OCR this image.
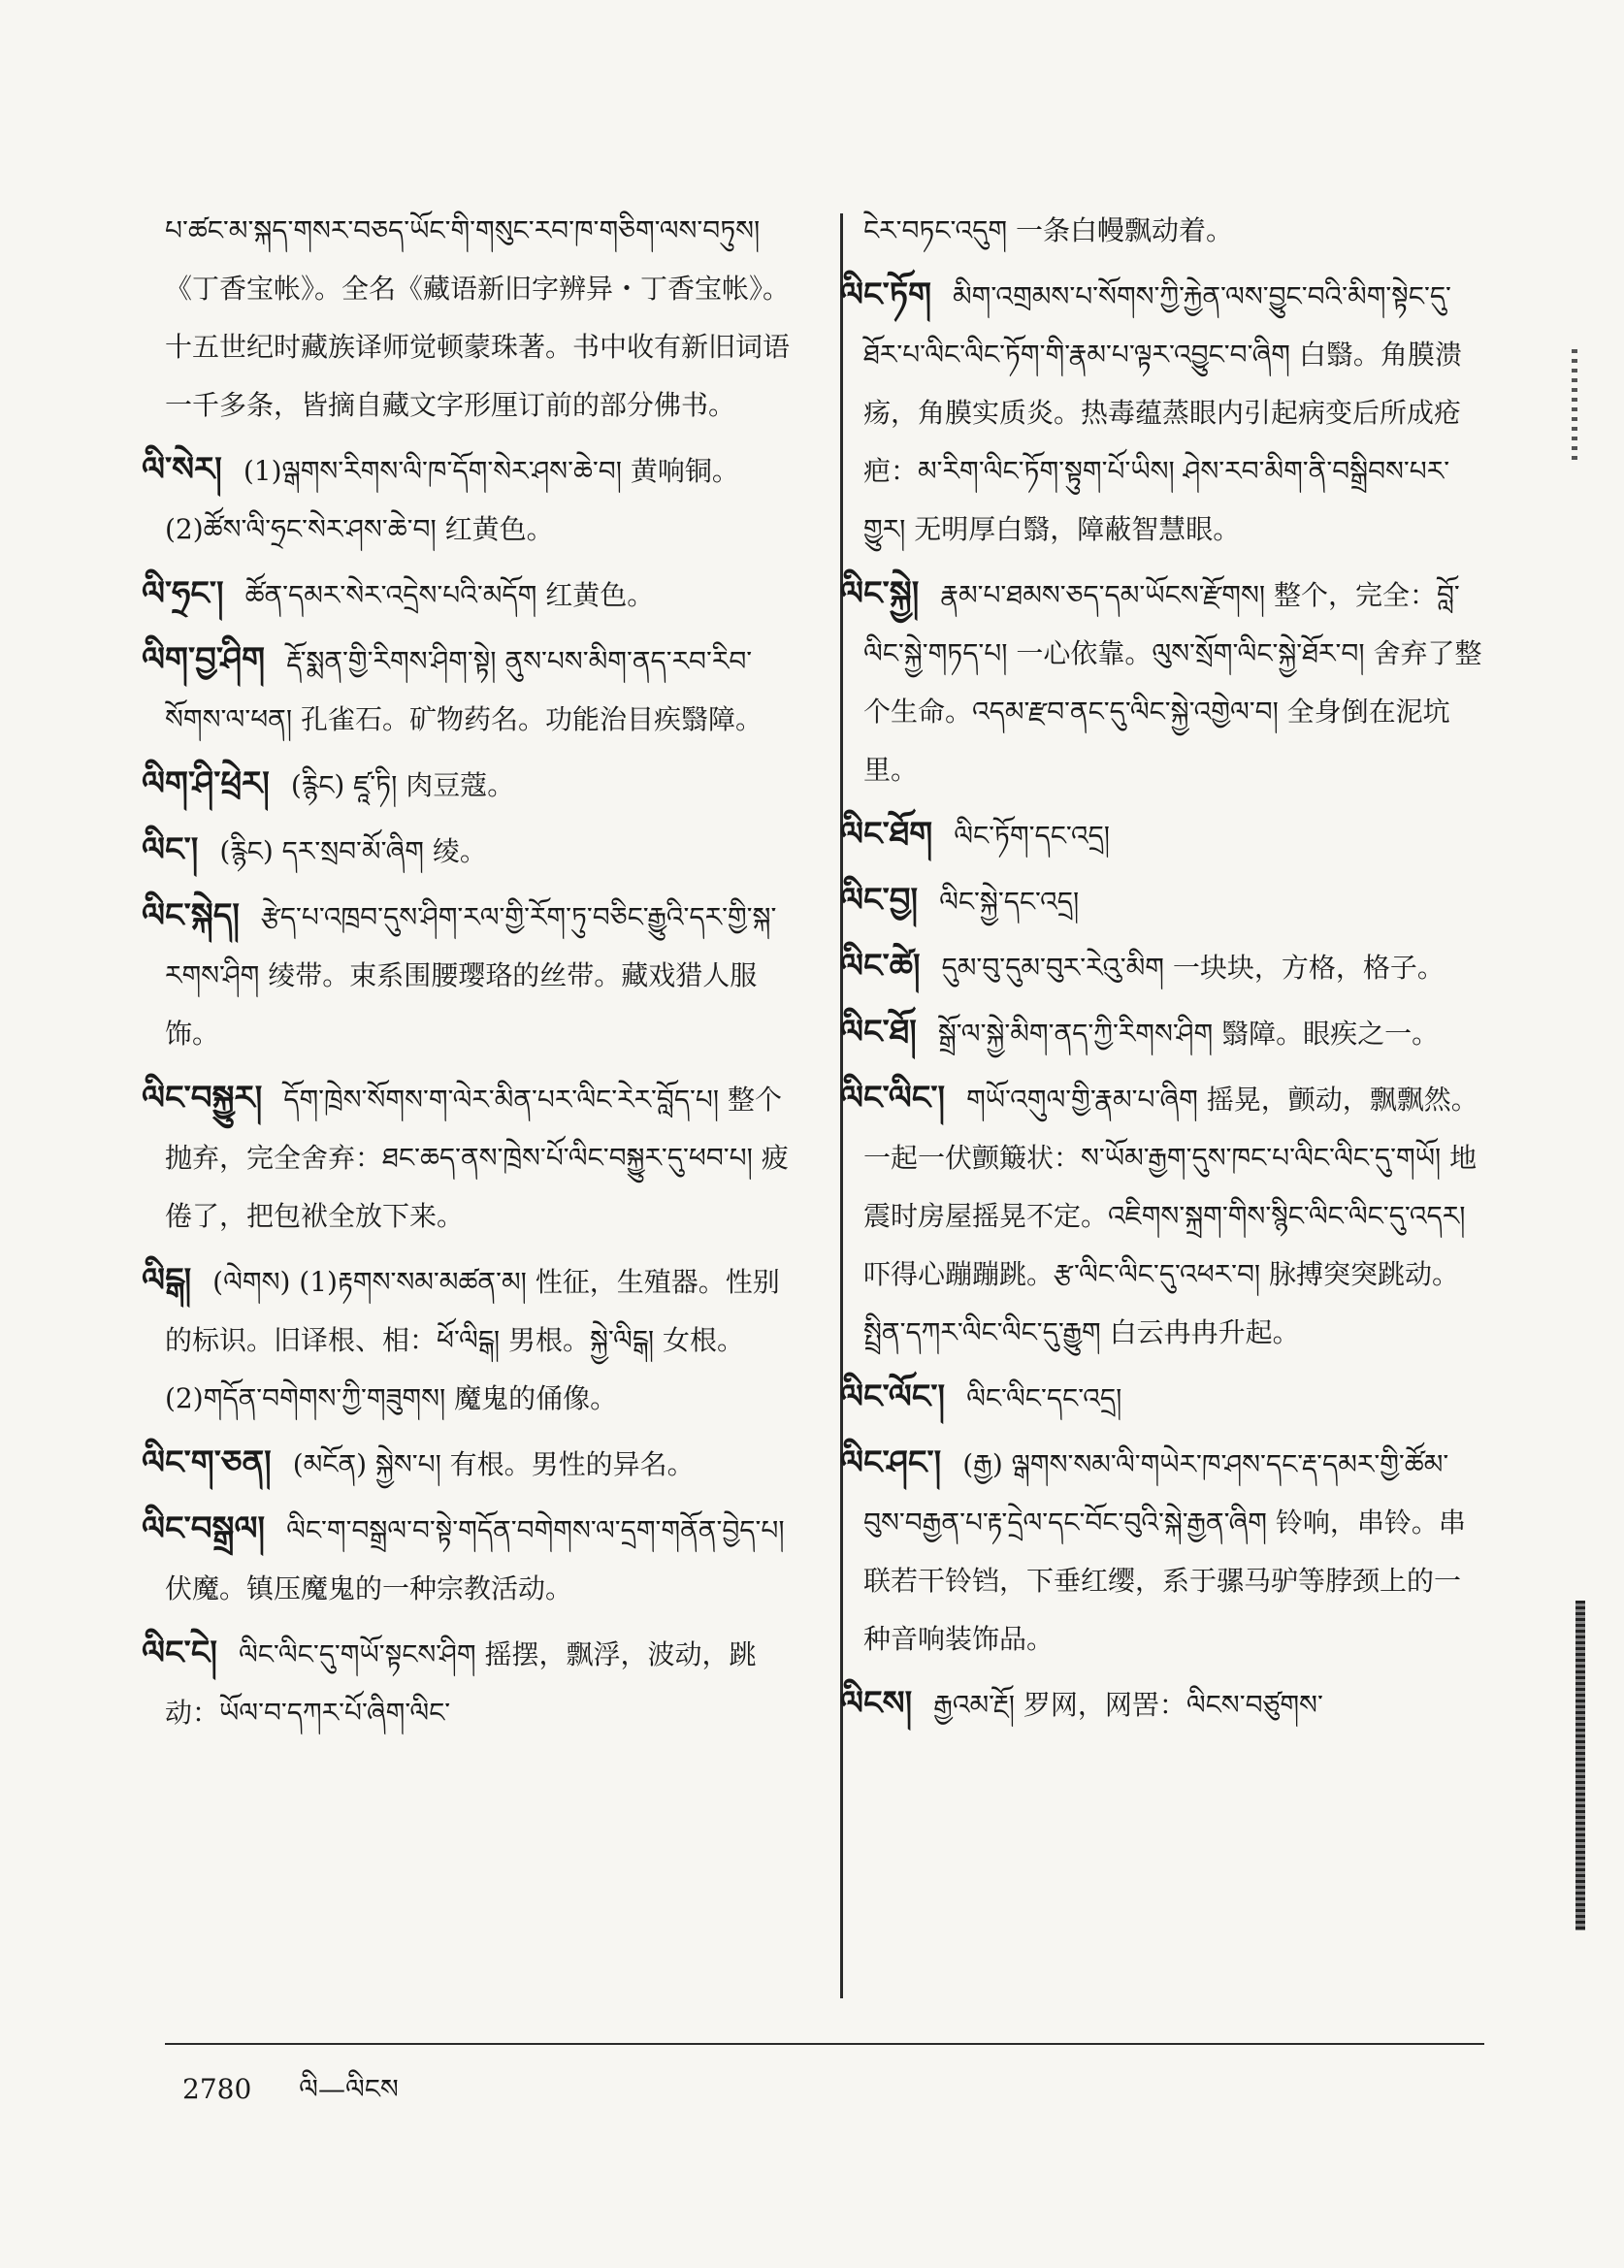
པ་ཚང་མ་སྐད་གསར་བཅད་ཡོང་གི་གསུང་རབ་ཁ་གཅིག་ལས་བཏུས། 《丁香宝帐》。全名《藏语新旧字辨异・丁香宝帐》。十五世纪时藏族译师觉顿蒙珠著。书中收有新旧词语一千多条，皆摘自藏文字形厘订前的部分佛书。

ལི་སེར། (1)ལྒགས་རིགས་ལི་ཁ་དོག་སེར་ཤས་ཆེ་བ། 黄响铜。(2)ཚོས་ལི་ཧྲང་སེར་ཤས་ཆེ་བ། 红黄色。

ལི་ཧྲང་། ཚོན་དམར་སེར་འདྲེས་པའི་མདོག 红黄色。

ལིག་བྱ་ཤིག རྡོ་སྨན་གྱི་རིགས་ཤིག་སྟེ། ནུས་པས་མིག་ནད་རབ་རིབ་སོགས་ལ་ཕན། 孔雀石。矿物药名。功能治目疾翳障。

ལིག་ཤི་ཕྲེར། (རྙིང) ཛཱ་ཏི། 肉豆蔻。

ལིང་། (རྙིང) དར་སྲབ་མོ་ཞིག 绫。

ལིང་སྐེད། རྩེད་པ་འཁྲབ་དུས་ཤིག་རལ་གྱི་རོག་ཏུ་བཅིང་རྒྱུའི་དར་གྱི་སྐ་རགས་ཤིག 绫带。束系围腰璎珞的丝带。藏戏猎人服饰。

ལིང་བསྐྱུར། དོག་ཁྲེས་སོགས་ག་ལེར་མིན་པར་ལིང་རེར་བློད་པ། 整个抛弃，完全舍弃：ཐང་ཆད་ནས་ཁྲེས་པོ་ལིང་བསྐྱུར་དུ་ཕབ་པ། 疲倦了，把包袱全放下来。

ལིངྒ། (ལེགས) (1)རྟགས་སམ་མཚན་མ། 性征，生殖器。性别的标识。旧译根、相：ཕོ་ལིངྒ། 男根。སྐྱེ་ལིངྒ། 女根。(2)གདོན་བགེགས་ཀྱི་གཟུགས། 魔鬼的俑像。

ལིང་ག་ཅན། (མངོན) སྐྱེས་པ། 有根。男性的异名。

ལིང་བསྒྲལ། ལིང་ག་བསྒྲལ་བ་སྟེ་གདོན་བགེགས་ལ་དྲག་གནོན་བྱེད་པ། 伏魔。镇压魔鬼的一种宗教活动。

ལིང་ངེ། ལིང་ལིང་དུ་གཡོ་སྟངས་ཤིག 摇摆，飘浮，波动，跳动：ཡོལ་བ་དཀར་པོ་ཞིག་ལིང་

ངེར་བཏང་འདུག 一条白幔飘动着。

ལིང་ཏོག མིག་འགྲམས་པ་སོགས་ཀྱི་རྐྱེན་ལས་བྱུང་བའི་མིག་སྟེང་དུ་ཐོར་པ་ལིང་ལིང་ཏོག་གི་རྣམ་པ་ལྟར་འབྱུང་བ་ཞིག 白翳。角膜溃疡，角膜实质炎。热毒蕴蒸眼内引起病变后所成疮疤：མ་རིག་ལིང་ཏོག་སྟུག་པོ་ཡིས། ཤེས་རབ་མིག་ནི་བསྒྲིབས་པར་གྱུར། 无明厚白翳，障蔽智慧眼。

ལིང་སྐྱེ། རྣམ་པ་ཐམས་ཅད་དམ་ཡོངས་རྫོགས། 整个，完全：བློ་ལིང་སྐྱེ་གཏད་པ། 一心依靠。ལུས་སྲོག་ལིང་སྐྱེ་ཐོར་བ། 舍弃了整个生命。འདམ་རྫབ་ནང་དུ་ལིང་སྐྱེ་འགྱེལ་བ། 全身倒在泥坑里。

ལིང་ཐོག ལིང་ཏོག་དང་འདྲ།

ལིང་བྱ། ལིང་སྐྱེ་དང་འདྲ།

ལིང་ཚེ། དུམ་བུ་དུམ་བུར་རེའུ་མིག 一块块，方格，格子。

ལིང་ཐོ། སྒྲོ་ལ་སྐྱེ་མིག་ནད་ཀྱི་རིགས་ཤིག 翳障。眼疾之一。

ལིང་ལིང་། གཡོ་འགུལ་གྱི་རྣམ་པ་ཞིག 摇晃，颤动，飘飘然。一起一伏颤簸状：ས་ཡོམ་རྒྱག་དུས་ཁང་པ་ལིང་ལིང་དུ་གཡོ། 地震时房屋摇晃不定。འཇིགས་སྐྲག་གིས་སྙིང་ལིང་ལིང་དུ་འདར། 吓得心蹦蹦跳。རྩ་ལིང་ལིང་དུ་འཕར་བ། 脉搏突突跳动。སྤྲིན་དཀར་ལིང་ལིང་དུ་རྒྱུག 白云冉冉升起。

ལིང་ལོང་། ལིང་ལིང་དང་འདྲ།

ལིང་ཤང་། (རྒྱ) ལྒགས་སམ་ལི་གཡེར་ཁ་ཤས་དང་རྡ་དམར་གྱི་ཚོམ་བུས་བརྒྱན་པ་རྟ་དྲེལ་དང་བོང་བུའི་སྐེ་རྒྱན་ཞིག 铃响，串铃。串联若干铃铛，下垂红缨，系于骡马驴等脖颈上的一种音响装饰品。

ལིངས། རྒྱའམ་རྔོ། 罗网，网罟：ལིངས་བཙུགས་

2780 ལི—ལིངས
